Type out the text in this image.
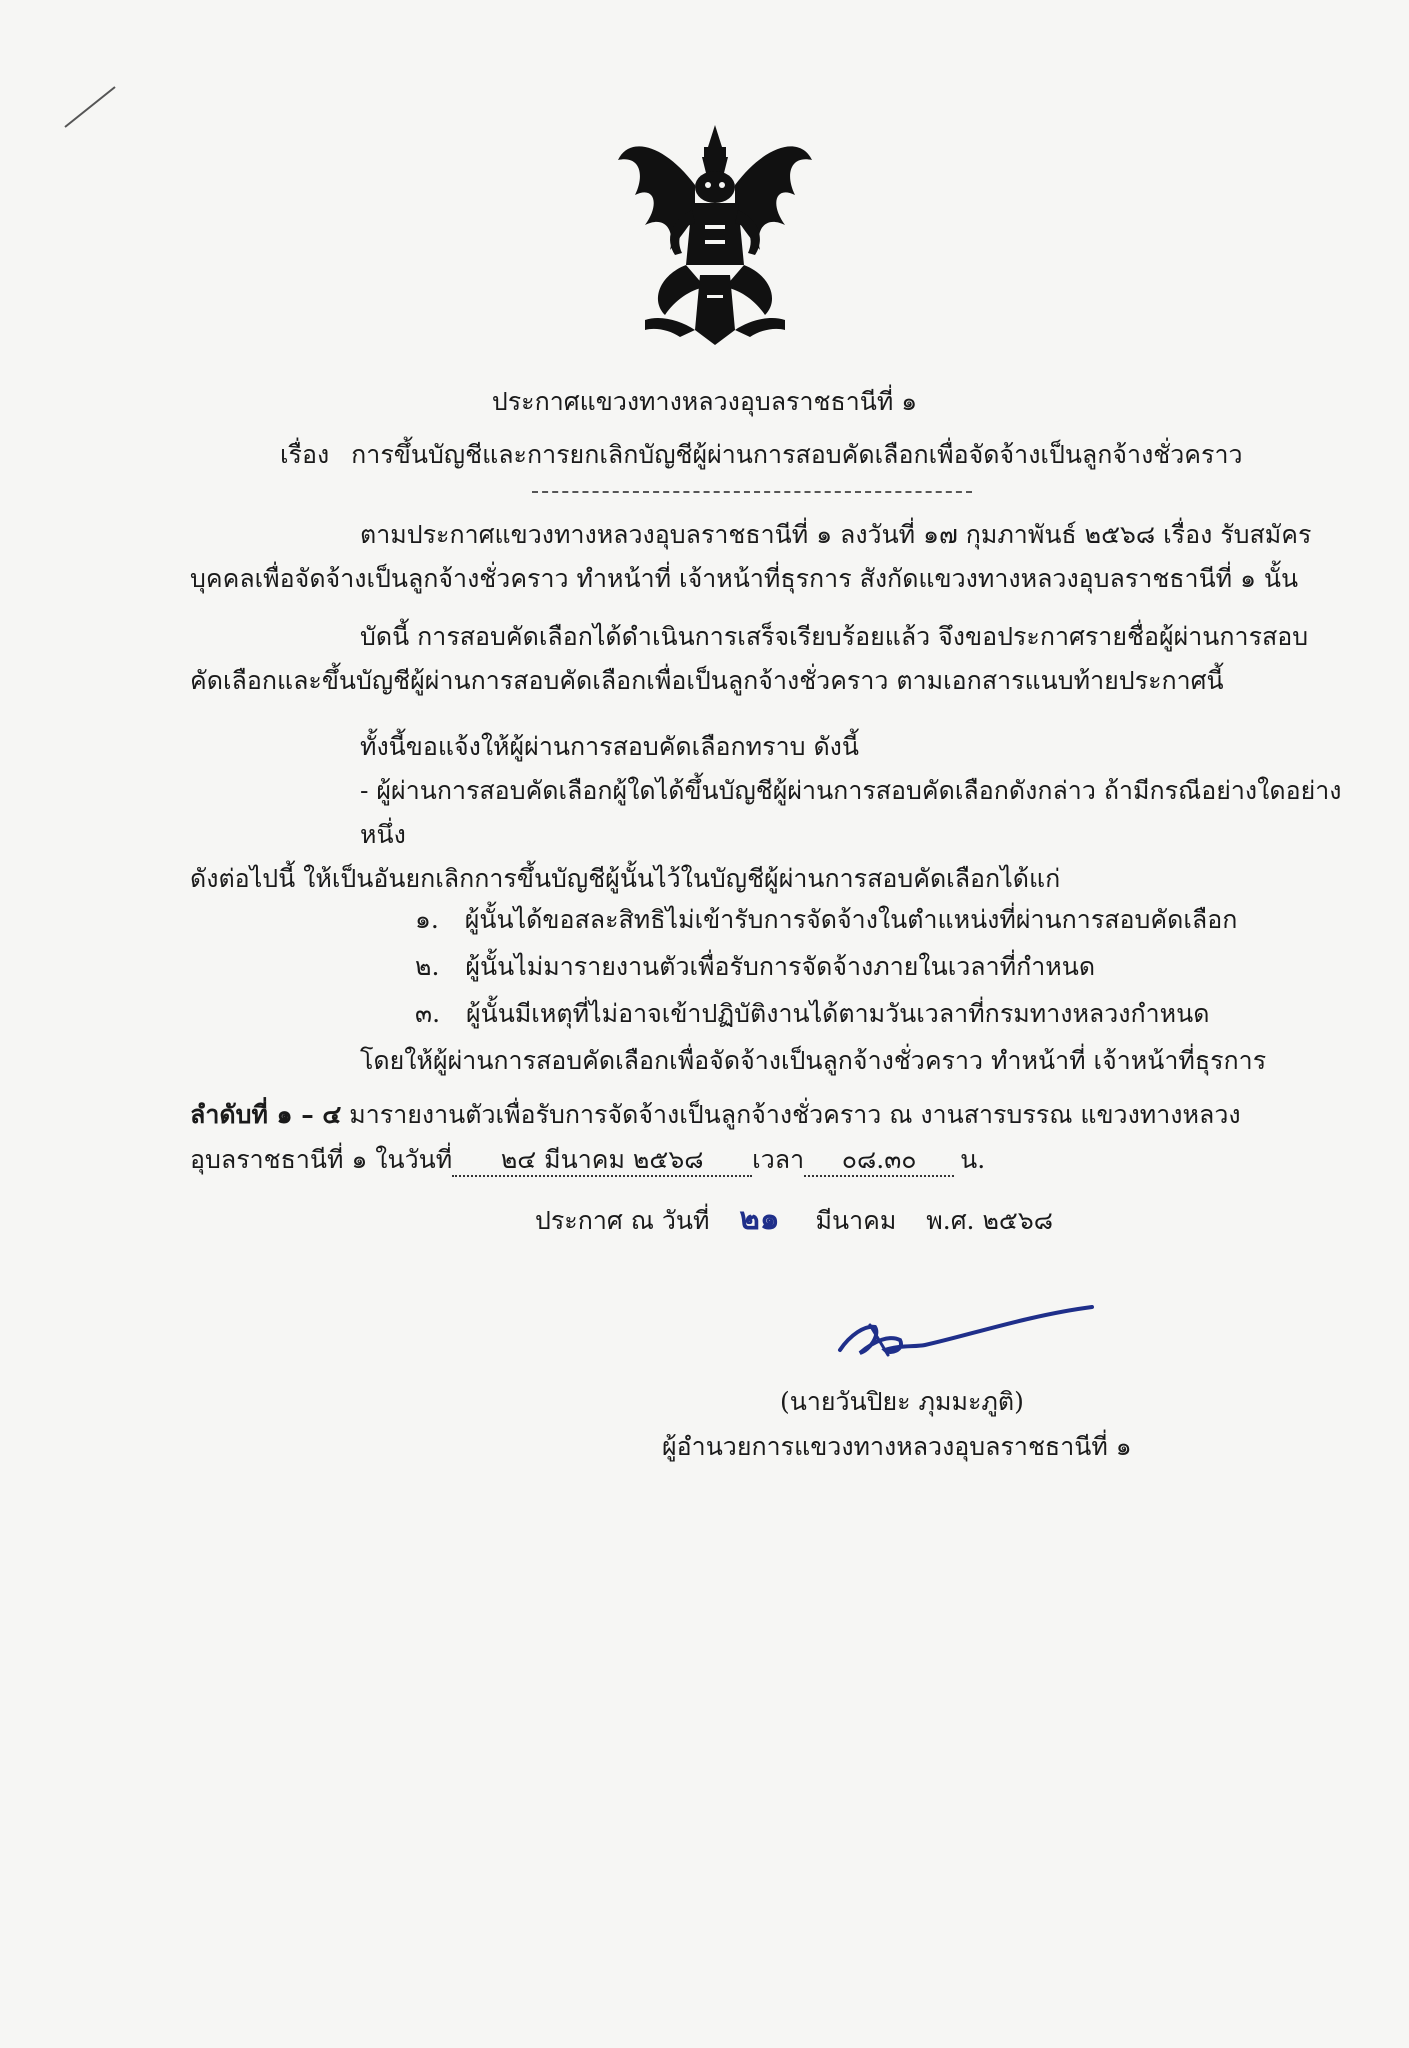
ประกาศแขวงทางหลวงอุบลราชธานีที่ ๑
เรื่อง การขึ้นบัญชีและการยกเลิกบัญชีผู้ผ่านการสอบคัดเลือกเพื่อจัดจ้างเป็นลูกจ้างชั่วคราว
ตามประกาศแขวงทางหลวงอุบลราชธานีที่ ๑ ลงวันที่ ๑๗ กุมภาพันธ์ ๒๕๖๘ เรื่อง รับสมัคร
บุคคลเพื่อจัดจ้างเป็นลูกจ้างชั่วคราว ทำหน้าที่ เจ้าหน้าที่ธุรการ สังกัดแขวงทางหลวงอุบลราชธานีที่ ๑ นั้น
บัดนี้ การสอบคัดเลือกได้ดำเนินการเสร็จเรียบร้อยแล้ว จึงขอประกาศรายชื่อผู้ผ่านการสอบ
คัดเลือกและขึ้นบัญชีผู้ผ่านการสอบคัดเลือกเพื่อเป็นลูกจ้างชั่วคราว ตามเอกสารแนบท้ายประกาศนี้
ทั้งนี้ขอแจ้งให้ผู้ผ่านการสอบคัดเลือกทราบ ดังนี้
- ผู้ผ่านการสอบคัดเลือกผู้ใดได้ขึ้นบัญชีผู้ผ่านการสอบคัดเลือกดังกล่าว ถ้ามีกรณีอย่างใดอย่าง
หนึ่ง
ดังต่อไปนี้ ให้เป็นอันยกเลิกการขึ้นบัญชีผู้นั้นไว้ในบัญชีผู้ผ่านการสอบคัดเลือกได้แก่
๑. ผู้นั้นได้ขอสละสิทธิไม่เข้ารับการจัดจ้างในตำแหน่งที่ผ่านการสอบคัดเลือก
๒. ผู้นั้นไม่มารายงานตัวเพื่อรับการจัดจ้างภายในเวลาที่กำหนด
๓. ผู้นั้นมีเหตุที่ไม่อาจเข้าปฏิบัติงานได้ตามวันเวลาที่กรมทางหลวงกำหนด
โดยให้ผู้ผ่านการสอบคัดเลือกเพื่อจัดจ้างเป็นลูกจ้างชั่วคราว ทำหน้าที่ เจ้าหน้าที่ธุรการ
ลำดับที่ ๑ – ๔ มารายงานตัวเพื่อรับการจัดจ้างเป็นลูกจ้างชั่วคราว ณ งานสารบรรณ แขวงทางหลวง
อุบลราชธานีที่ ๑ ในวันที่ ๒๔ มีนาคม ๒๕๖๘ เวลา ๐๘.๓๐ น.
ประกาศ ณ วันที่ ๒๑ มีนาคม พ.ศ. ๒๕๖๘
(นายวันปิยะ ภุมมะภูติ)
ผู้อำนวยการแขวงทางหลวงอุบลราชธานีที่ ๑
